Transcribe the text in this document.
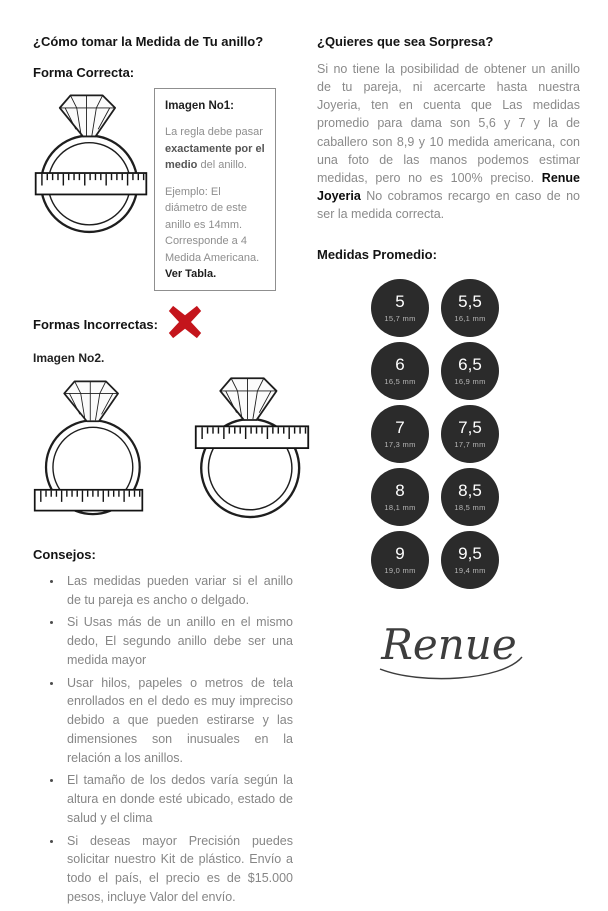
¿Cómo tomar la Medida de Tu anillo?
Forma Correcta:
Imagen No1:

La regla debe pasar exactamente por el medio del anillo.

Ejemplo: El diámetro de este anillo es 14mm. Corresponde a 4 Medida Americana.
Ver Tabla.

Formas Incorrectas:
Imagen No2.
Consejos:
• Las medidas pueden variar si el anillo de tu pareja es ancho o delgado.
• Si Usas más de un anillo en el mismo dedo, El segundo anillo debe ser una medida mayor
• Usar hilos, papeles o metros de tela enrollados en el dedo es muy impreciso debido a que pueden estirarse y las dimensiones son inusuales en la relación a los anillos.
• El tamaño de los dedos varía según la altura en donde esté ubicado, estado de salud y el clima
• Si deseas mayor Precisión puedes solicitar nuestro Kit de plástico. Envío a todo el país, el precio es de $15.000 pesos, incluye Valor del envío.
¿Quieres que sea Sorpresa?

Si no tiene la posibilidad de obtener un anillo de tu pareja, ni acercarte hasta nuestra Joyeria, ten en cuenta que Las medidas promedio para dama son 5,6 y 7 y la de caballero son 8,9 y 10 medida americana, con una foto de las manos podemos estimar medidas, pero no es 100% preciso. Renue Joyeria No cobramos recargo en caso de no ser la medida correcta.

Medidas Promedio:
5
15,7 mm
5,5
16,1 mm
6
16,5 mm
6,5
16,9 mm
7
17,3 mm
7,5
17,7 mm
8
18,1 mm
8,5
18,5 mm
9
19,0 mm
9,5
19,4 mm
Renue
